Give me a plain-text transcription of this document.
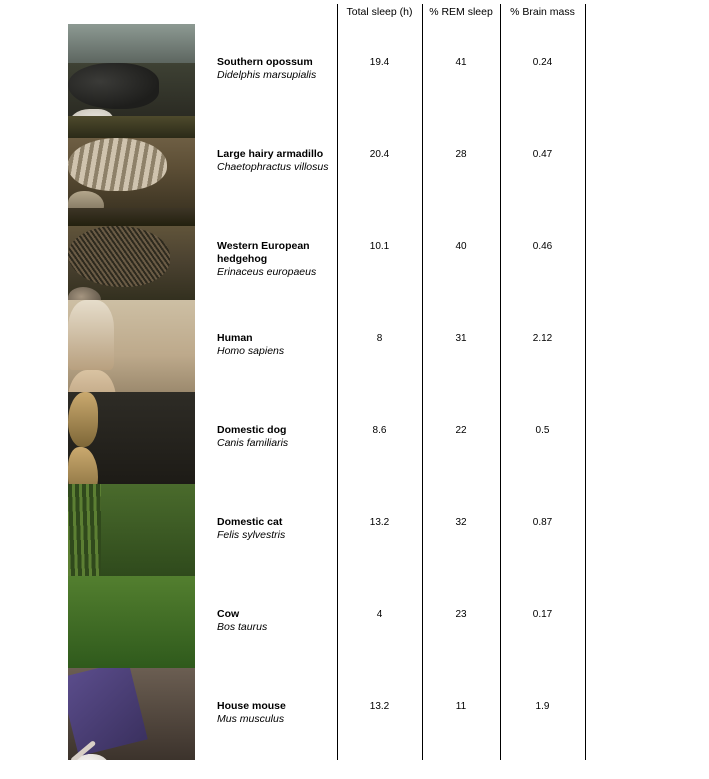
		Total sleep (h)	% REM sleep	% Brain mass	

	Southern opossum
Didelphis marsupialis	19.4	41	0.24	

	Large hairy armadillo
Chaetophractus villosus	20.4	28	0.47	

	Western European hedgehog
Erinaceus europaeus	10.1	40	0.46	

	Human
Homo sapiens	8	31	2.12	

	Domestic dog
Canis familiaris	8.6	22	0.5	

	Domestic cat
Felis sylvestris	13.2	32	0.87	

	Cow
Bos taurus	4	23	0.17	

	House mouse
Mus musculus	13.2	11	1.9	
